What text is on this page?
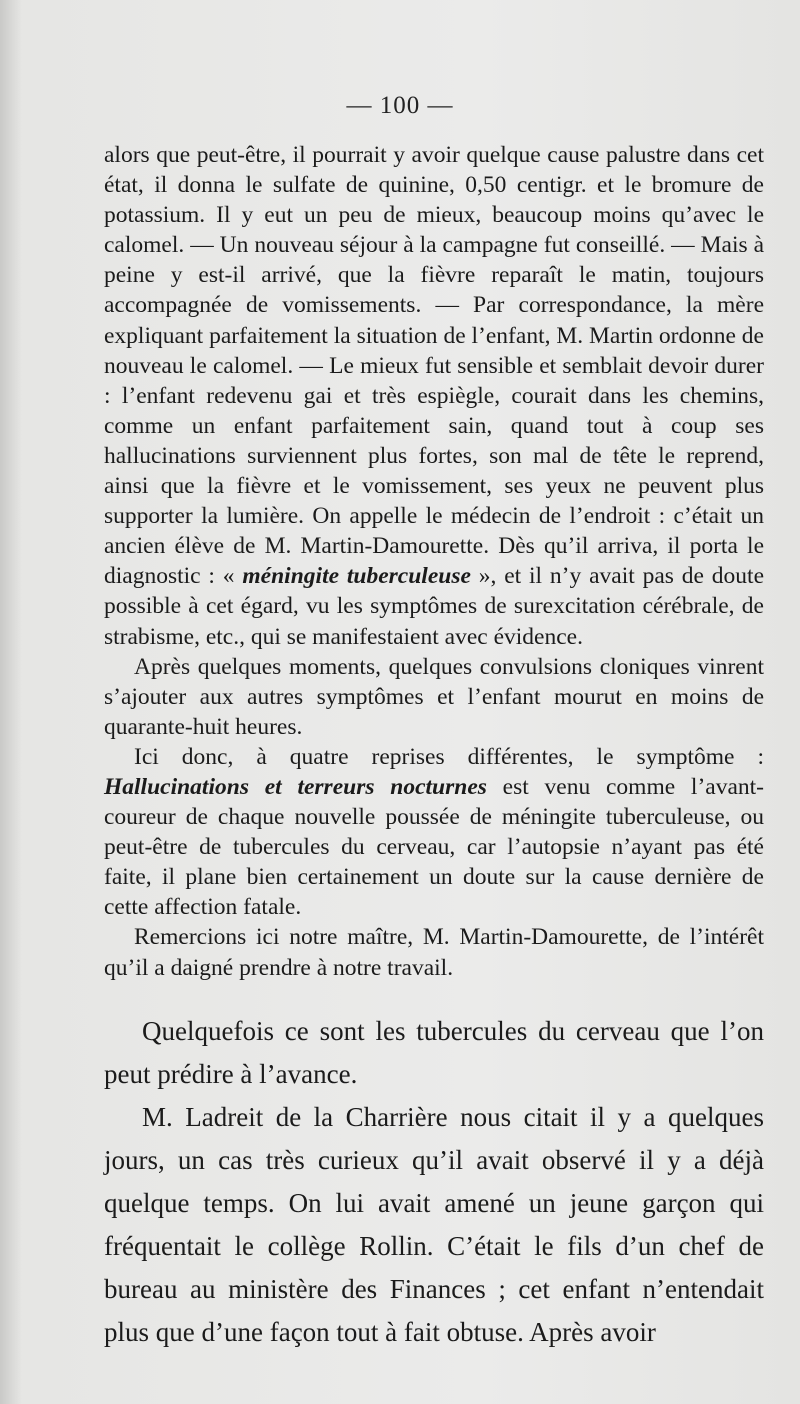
— 100 —

alors que peut-être, il pourrait y avoir quelque cause palustre dans cet état, il donna le sulfate de quinine, 0,50 centigr. et le bromure de potassium. Il y eut un peu de mieux, beaucoup moins qu’avec le calomel. — Un nouveau séjour à la campagne fut conseillé. — Mais à peine y est-il arrivé, que la fièvre reparaît le matin, toujours accompagnée de vomissements. — Par correspondance, la mère expliquant parfaitement la situation de l’enfant, M. Martin ordonne de nouveau le calomel. — Le mieux fut sensible et semblait devoir durer : l’enfant redevenu gai et très espiègle, courait dans les chemins, comme un enfant parfaitement sain, quand tout à coup ses hallucinations surviennent plus fortes, son mal de tête le reprend, ainsi que la fièvre et le vomissement, ses yeux ne peuvent plus supporter la lumière. On appelle le médecin de l’endroit : c’était un ancien élève de M. Martin-Damourette. Dès qu’il arriva, il porta le diagnostic : « méningite tuberculeuse », et il n’y avait pas de doute possible à cet égard, vu les symptômes de surexcitation cérébrale, de strabisme, etc., qui se manifestaient avec évidence.

Après quelques moments, quelques convulsions cloniques vinrent s’ajouter aux autres symptômes et l’enfant mourut en moins de quarante-huit heures.

Ici donc, à quatre reprises différentes, le symptôme : Hallucinations et terreurs nocturnes est venu comme l’avant-coureur de chaque nouvelle poussée de méningite tuberculeuse, ou peut-être de tubercules du cerveau, car l’autopsie n’ayant pas été faite, il plane bien certainement un doute sur la cause dernière de cette affection fatale.

Remercions ici notre maître, M. Martin-Damourette, de l’intérêt qu’il a daigné prendre à notre travail.

Quelquefois ce sont les tubercules du cerveau que l’on peut prédire à l’avance.

M. Ladreit de la Charrière nous citait il y a quelques jours, un cas très curieux qu’il avait observé il y a déjà quelque temps. On lui avait amené un jeune garçon qui fréquentait le collège Rollin. C’était le fils d’un chef de bureau au ministère des Finances ; cet enfant n’entendait plus que d’une façon tout à fait obtuse. Après avoir
